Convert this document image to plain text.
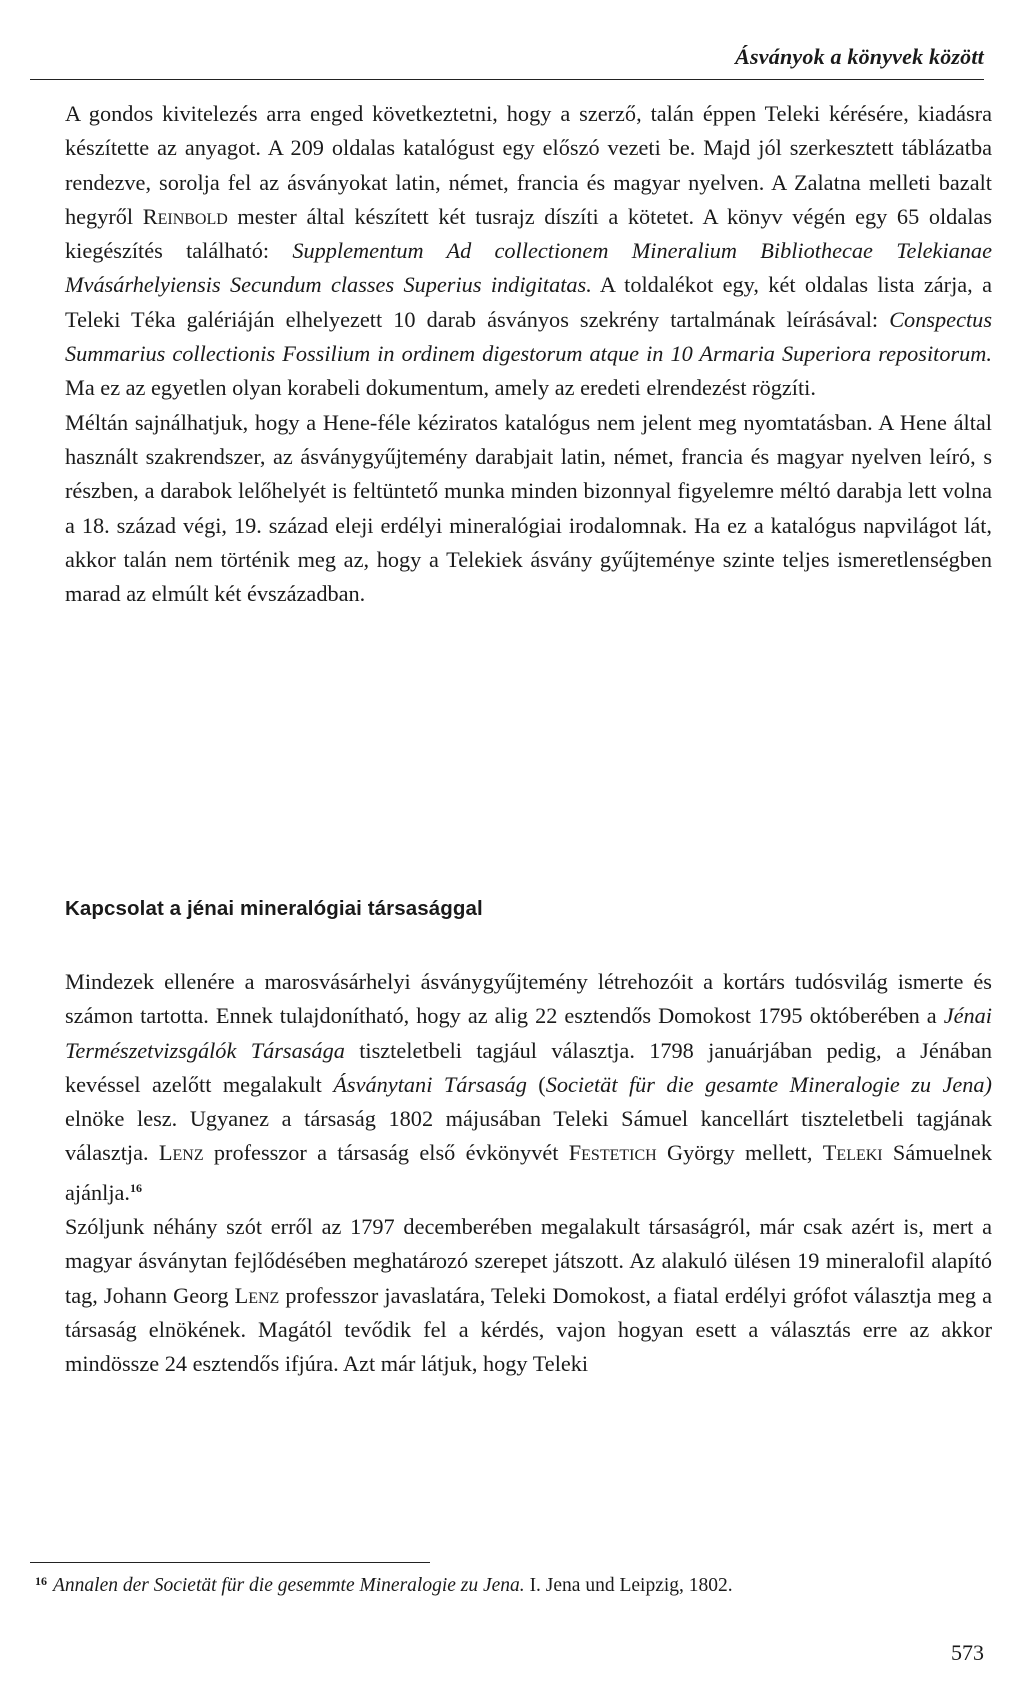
Ásványok a könyvek között

A gondos kivitelezés arra enged következtetni, hogy a szerző, talán éppen Teleki kérésére, kiadásra készítette az anyagot. A 209 oldalas katalógust egy előszó vezeti be. Majd jól szerkesztett táblázatba rendezve, sorolja fel az ásványokat latin, német, francia és magyar nyelven. A Zalatna melleti bazalt hegyről Reinbold mester által készített két tusrajz díszíti a kötetet. A könyv végén egy 65 oldalas kiegészítés található: Supplementum Ad collectionem Mineralium Bibliothecae Telekianae Mvásárhelyiensis Secundum classes Superius indigitatas. A toldalékot egy, két oldalas lista zárja, a Teleki Téka galériáján elhelyezett 10 darab ásványos szekrény tartalmának leírásával: Conspectus Summarius collectionis Fossilium in ordinem digestorum atque in 10 Armaria Superiora repositorum. Ma ez az egyetlen olyan korabeli dokumentum, amely az eredeti elrendezést rögzíti.

Méltán sajnálhatjuk, hogy a Hene-féle kéziratos katalógus nem jelent meg nyomtatásban. A Hene által használt szakrendszer, az ásványgyűjtemény darabjait latin, német, francia és magyar nyelven leíró, s részben, a darabok lelőhelyét is feltüntető munka minden bizonnyal figyelemre méltó darabja lett volna a 18. század végi, 19. század eleji erdélyi mineralógiai irodalomnak. Ha ez a katalógus napvilágot lát, akkor talán nem történik meg az, hogy a Telekiek ásvány gyűjteménye szinte teljes ismeretlenségben marad az elmúlt két évszázadban.

Kapcsolat a jénai mineralógiai társasággal

Mindezek ellenére a marosvásárhelyi ásványgyűjtemény létrehozóit a kortárs tudósvilág ismerte és számon tartotta. Ennek tulajdonítható, hogy az alig 22 esztendős Domokost 1795 októberében a Jénai Természetvizsgálók Társasága tiszteletbeli tagjául választja. 1798 januárjában pedig, a Jénában kevéssel azelőtt megalakult Ásványtani Társaság (Societät für die gesamte Mineralogie zu Jena) elnöke lesz. Ugyanez a társaság 1802 májusában Teleki Sámuel kancellárt tiszteletbeli tagjának választja. Lenz professzor a társaság első évkönyvét Festetich György mellett, Teleki Sámuelnek ajánlja.$^{16}$

Szóljunk néhány szót erről az 1797 decemberében megalakult társaságról, már csak azért is, mert a magyar ásványtan fejlődésében meghatározó szerepet játszott. Az alakuló ülésen 19 mineralofil alapító tag, Johann Georg Lenz professzor javaslatára, Teleki Domokost, a fiatal erdélyi grófot választja meg a társaság elnökének. Magától tevődik fel a kérdés, vajon hogyan esett a választás erre az akkor mindössze 24 esztendős ifjúra. Azt már látjuk, hogy Teleki

$^{16}$ Annalen der Societät für die gesemmte Mineralogie zu Jena. I. Jena und Leipzig, 1802.
573
